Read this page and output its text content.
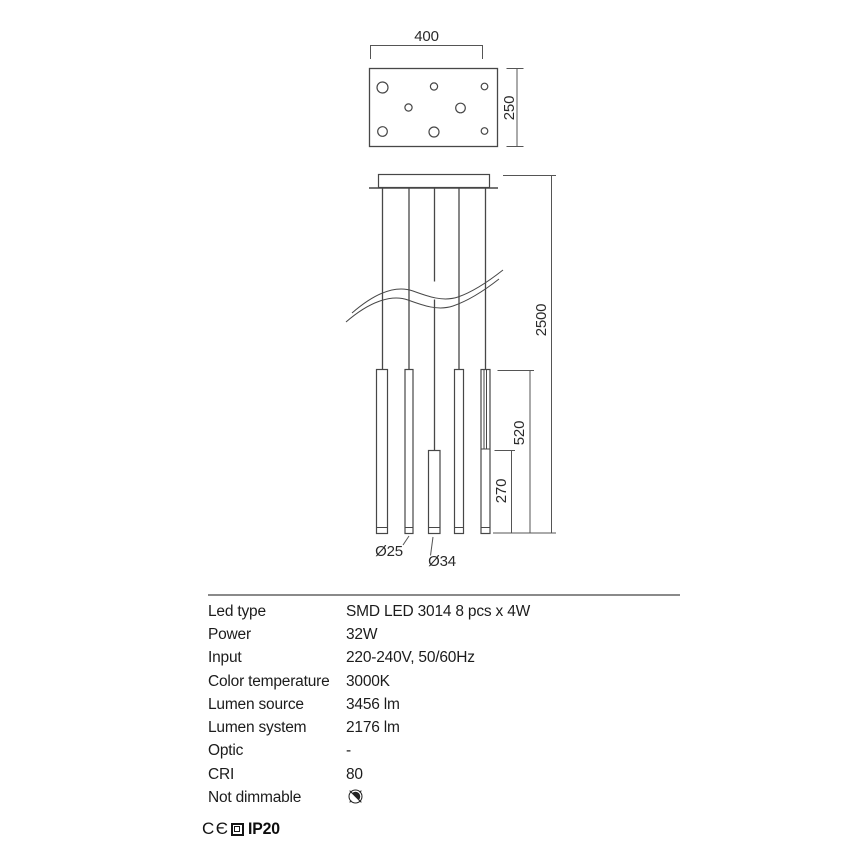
400
250
2500
520
270
Ø25
Ø34
Led type	SMD LED 3014 8 pcs x 4W
Power	32W
Input	220-240V, 50/60Hz
Color temperature	3000K
Lumen source	3456 lm
Lumen system	2176 lm
Optic	-
CRI	80
Not dimmable
CЄ IP20
